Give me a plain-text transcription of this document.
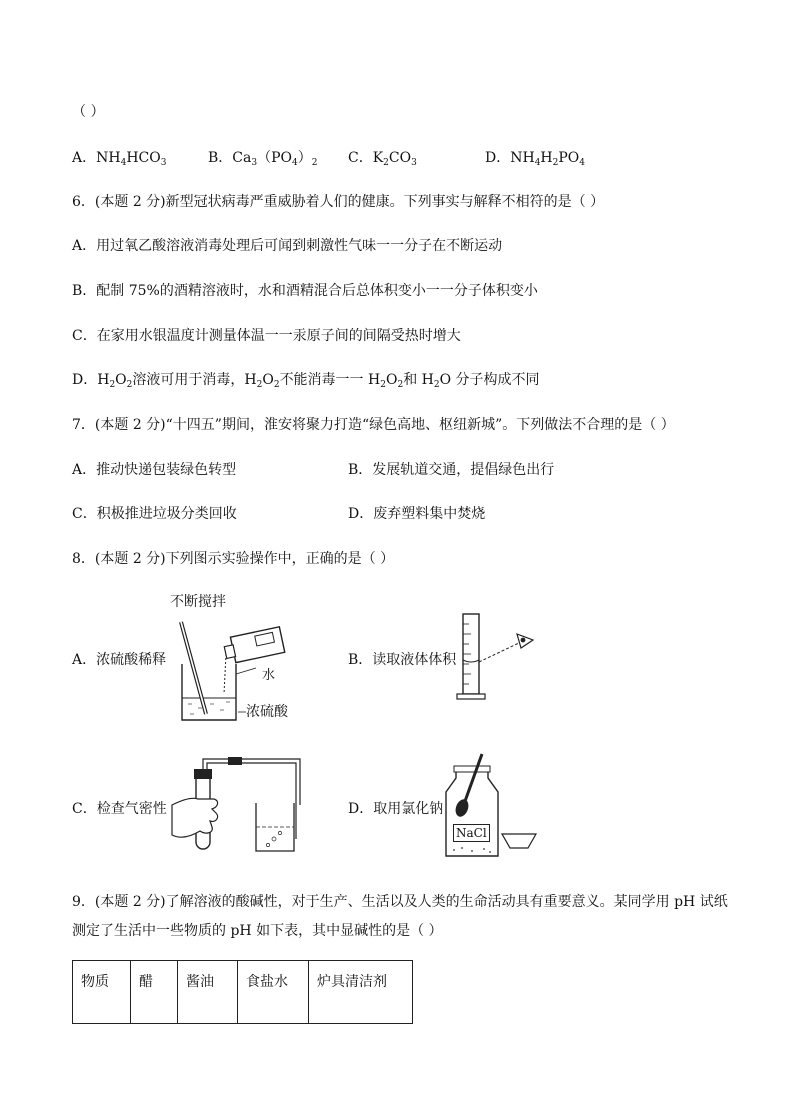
（ ）
A．$NH_4HCO_3$	B．$Ca_3(PO_4)_2$ C．$K_2CO_3$	D．$NH_4H_2PO_4$
6．(本题 2 分)新型冠状病毒严重威胁着人们的健康。下列事实与解释不相符的是（ ）
A．用过氧乙酸溶液消毒处理后可闻到刺激性气味一一分子在不断运动
B．配制 75%的酒精溶液时，水和酒精混合后总体积变小一一分子体积变小
C．在家用水银温度计测量体温一一汞原子间的间隔受热时增大
D．$H_2O_2$溶液可用于消毒，$H_2O_2$不能消毒一一 $H_2O_2$和 $H_2O$ 分子构成不同
7．(本题 2 分)“十四五”期间，淮安将聚力打造“绿色高地、枢纽新城”。下列做法不合理的是（ ）
A．推动快递包装绿色转型	B．发展轨道交通，提倡绿色出行
C．积极推进垃圾分类回收	D．废弃塑料集中焚烧
8．(本题 2 分)下列图示实验操作中，正确的是（ ）
A．浓硫酸稀释
不断搅拌
水
浓硫酸
B．读取液体体积
C．检查气密性	D．取用氯化钠
NaCl
9．(本题 2 分)了解溶液的酸碱性，对于生产、生活以及人类的生命活动具有重要意义。某同学用 pH 试纸
测定了生活中一些物质的 pH 如下表，其中显碱性的是（ ）
物质	醋	酱油	食盐水	炉具清洁剂
